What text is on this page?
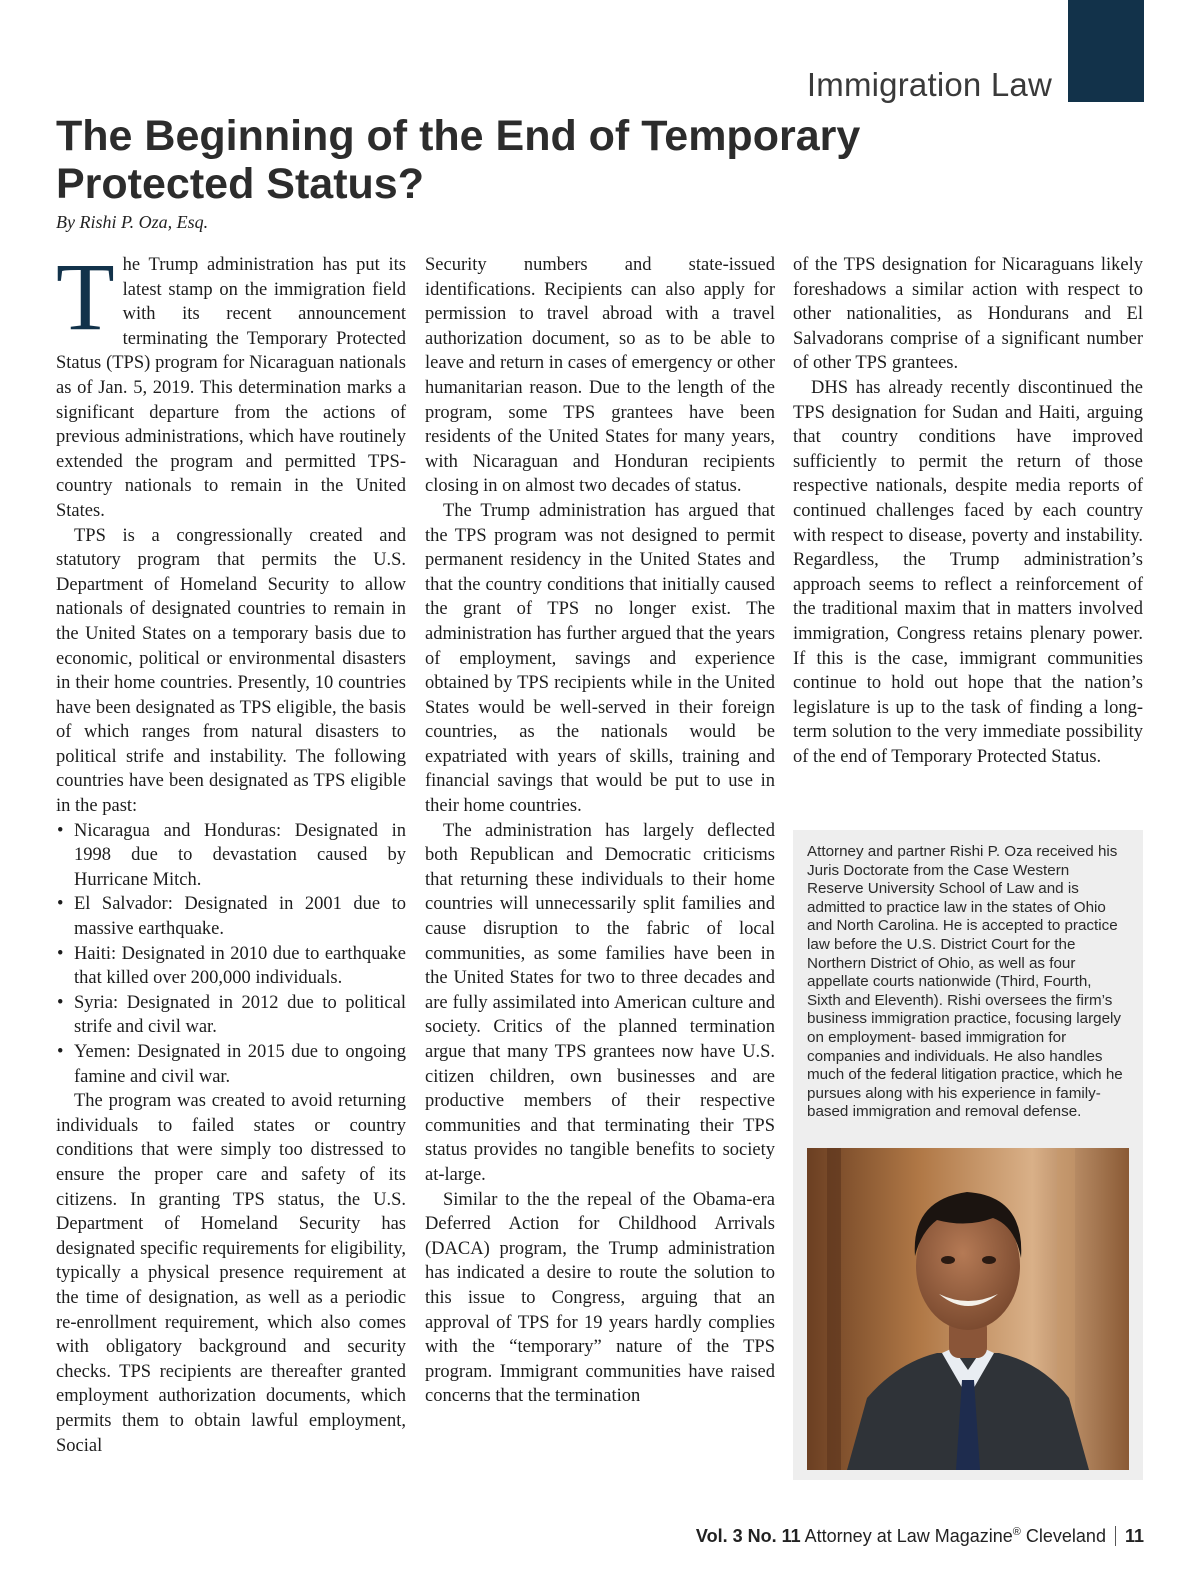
Immigration Law
The Beginning of the End of Temporary Protected Status?
By Rishi P. Oza, Esq.

The Trump administration has put its latest stamp on the immigration field with its recent announcement terminating the Temporary Protected Status (TPS) program for Nicaraguan nationals as of Jan. 5, 2019. This determination marks a significant departure from the actions of previous administrations, which have routinely extended the program and permitted TPS-country nationals to remain in the United States.

TPS is a congressionally created and statutory program that permits the U.S. Department of Homeland Security to allow nationals of designated countries to remain in the United States on a temporary basis due to economic, political or environmental disasters in their home countries. Presently, 10 countries have been designated as TPS eligible, the basis of which ranges from natural disasters to political strife and instability. The following countries have been designated as TPS eligible in the past:

• Nicaragua and Honduras: Designated in 1998 due to devastation caused by Hurricane Mitch.
• El Salvador: Designated in 2001 due to massive earthquake.
• Haiti: Designated in 2010 due to earthquake that killed over 200,000 individuals.
• Syria: Designated in 2012 due to political strife and civil war.
• Yemen: Designated in 2015 due to ongoing famine and civil war.

The program was created to avoid returning individuals to failed states or country conditions that were simply too distressed to ensure the proper care and safety of its citizens. In granting TPS status, the U.S. Department of Homeland Security has designated specific requirements for eligibility, typically a physical presence requirement at the time of designation, as well as a periodic re-enrollment requirement, which also comes with obligatory background and security checks. TPS recipients are thereafter granted employment authorization documents, which permits them to obtain lawful employment, Social

Security numbers and state-issued identifications. Recipients can also apply for permission to travel abroad with a travel authorization document, so as to be able to leave and return in cases of emergency or other humanitarian reason. Due to the length of the program, some TPS grantees have been residents of the United States for many years, with Nicaraguan and Honduran recipients closing in on almost two decades of status.

The Trump administration has argued that the TPS program was not designed to permit permanent residency in the United States and that the country conditions that initially caused the grant of TPS no longer exist. The administration has further argued that the years of employment, savings and experience obtained by TPS recipients while in the United States would be well-served in their foreign countries, as the nationals would be expatriated with years of skills, training and financial savings that would be put to use in their home countries.

The administration has largely deflected both Republican and Democratic criticisms that returning these individuals to their home countries will unnecessarily split families and cause disruption to the fabric of local communities, as some families have been in the United States for two to three decades and are fully assimilated into American culture and society. Critics of the planned termination argue that many TPS grantees now have U.S. citizen children, own businesses and are productive members of their respective communities and that terminating their TPS status provides no tangible benefits to society at-large.

Similar to the the repeal of the Obama-era Deferred Action for Childhood Arrivals (DACA) program, the Trump administration has indicated a desire to route the solution to this issue to Congress, arguing that an approval of TPS for 19 years hardly complies with the “temporary” nature of the TPS program. Immigrant communities have raised concerns that the termination

of the TPS designation for Nicaraguans likely foreshadows a similar action with respect to other nationalities, as Hondurans and El Salvadorans comprise of a significant number of other TPS grantees.

DHS has already recently discontinued the TPS designation for Sudan and Haiti, arguing that country conditions have improved sufficiently to permit the return of those respective nationals, despite media reports of continued challenges faced by each country with respect to disease, poverty and instability. Regardless, the Trump administration’s approach seems to reflect a reinforcement of the traditional maxim that in matters involved immigration, Congress retains plenary power. If this is the case, immigrant communities continue to hold out hope that the nation’s legislature is up to the task of finding a long-term solution to the very immediate possibility of the end of Temporary Protected Status.

Attorney and partner Rishi P. Oza received his Juris Doctorate from the Case Western Reserve University School of Law and is admitted to practice law in the states of Ohio and North Carolina. He is accepted to practice law before the U.S. District Court for the Northern District of Ohio, as well as four appellate courts nationwide (Third, Fourth, Sixth and Eleventh). Rishi oversees the firm’s business immigration practice, focusing largely on employment- based immigration for companies and individuals. He also handles much of the federal litigation practice, which he pursues along with his experience in family-based immigration and removal defense.

Vol. 3 No. 11 Attorney at Law Magazine® Cleveland 11
